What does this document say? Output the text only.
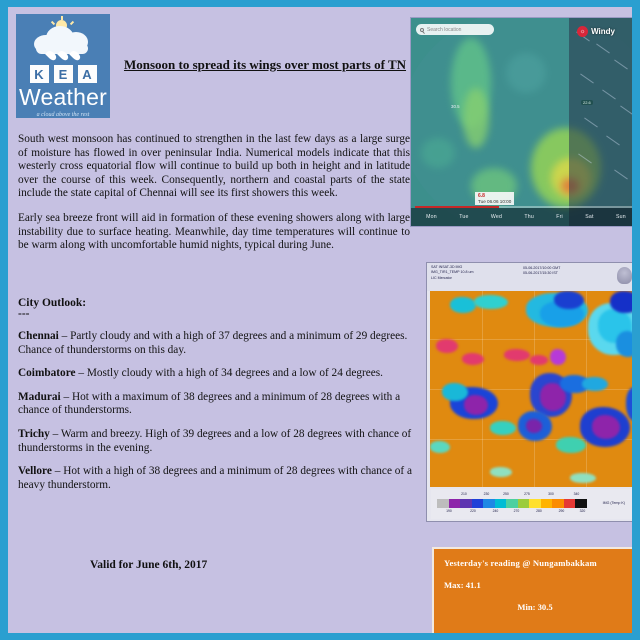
K	E	A
Weather
a cloud above the rest
Monsoon to spread its wings over most parts of TN

South west monsoon has continued to strengthen in the last few days as a large surge of moisture has flowed in over peninsular India. Numerical models indicate that this westerly cross equatorial flow will continue to build up both in height and in latitude over the course of this week. Consequently, northern and coastal parts of the state include the state capital of Chennai will see its first showers this week.

Early sea breeze front will aid in formation of these evening showers along with large instability due to surface heating. Meanwhile, day time temperatures will continue to be warm along with uncomfortable humid nights, typical during June.

City Outlook:
---
Chennai – Partly cloudy and with a high of 37 degrees and a minimum of 29 degrees. Chance of thunderstorms on this day.
Coimbatore – Mostly cloudy with a high of 34 degrees and a low of 24 degrees.
Madurai – Hot with a maximum of 38 degrees and a minimum of 28 degrees with a chance of thunderstorms.
Trichy – Warm and breezy. High of 39 degrees and a low of 28 degrees with chance of thunderstorms in the evening.
Vellore – Hot with a high of 38 degrees and a minimum of 28 degrees with chance of a heavy thunderstorm.
Valid for June 6th, 2017
30.5
22.6
Search location	☼ Windy
6.8
Tue 06.06 10:00
Mon	Tue	Wed	Thu	Fri	Sat	Sun
SAT INSAT-3D IMG
IMG_TIR1_TEMP 10.8 um
LIC Mercator
05-06-2017/10:00 GMT
05-06-2017/15:30 IST
210	230	250	275	300	340
190	220	240	270	280	290	320
IMG (Temp K)
Yesterday's reading @ Nungambakkam
Max: 41.1
Min: 30.5
